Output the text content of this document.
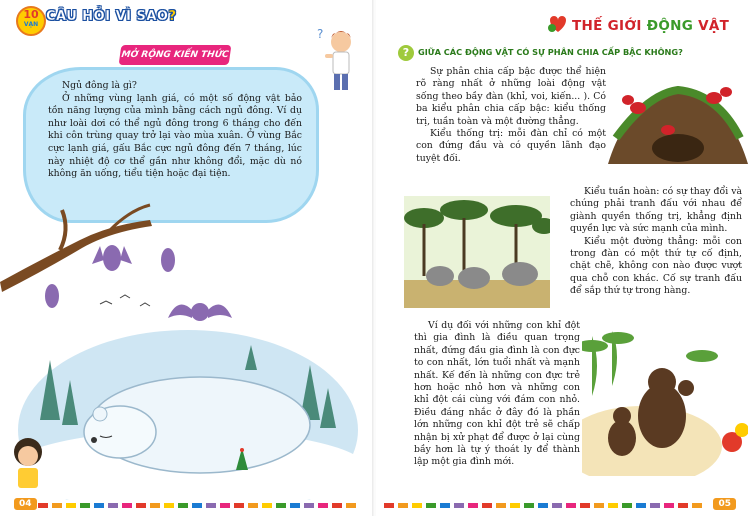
10
VẠN
CÂU HỎI VÌ SAO?
MỞ RỘNG KIẾN THỨC
?

Ngủ đông là gì?

Ở những vùng lạnh giá, có một số động vật bảo tồn năng lượng của mình bằng cách ngủ đông. Ví dụ như loài dơi có thể ngủ đông trong 6 tháng cho đến khi côn trùng quay trở lại vào mùa xuân. Ở vùng Bắc cực lạnh giá, gấu Bắc cực ngủ đông đến 7 tháng, lúc này nhiệt độ cơ thể gần như không đổi, mặc dù nó không ăn uống, tiểu tiện hoặc đại tiện.

04
THẾ GIỚI ĐỘNG VẬT
?	GIỮA CÁC ĐỘNG VẬT CÓ SỰ PHÂN CHIA CẤP BẬC KHÔNG?

Sự phân chia cấp bậc được thể hiện rõ ràng nhất ở những loài động vật sống theo bầy đàn (khỉ, voi, kiến... ). Có ba kiểu phân chia cấp bậc: kiểu thống trị, tuần toàn và một đường thẳng.

Kiểu thống trị: mỗi đàn chỉ có một con đứng đầu và có quyền lãnh đạo tuyệt đối.

Kiểu tuần hoàn: có sự thay đổi và chúng phải tranh đấu với nhau để giành quyền thống trị, khẳng định quyền lực và sức mạnh của mình.

Kiểu một đường thẳng: mỗi con trong đàn có một thứ tự cố định, chặt chẽ, không con nào được vượt qua chỗ con khác. Cố sự tranh đấu để sắp thứ tự trong hàng.

Ví dụ đối với những con khỉ đột thì gia đình là điều quan trọng nhất, đứng đầu gia đình là con đực to con nhất, lớn tuổi nhất và mạnh nhất. Kế đến là những con đực trẻ hơn hoặc nhỏ hơn và những con khỉ đột cái cùng với đám con nhỏ. Điều đáng nhắc ở đây đó là phần lớn những con khỉ đột trẻ sẽ chấp nhận bị xử phạt để được ở lại cùng bầy hơn là tự ý thoát ly để thành lập một gia đình mới.

05
